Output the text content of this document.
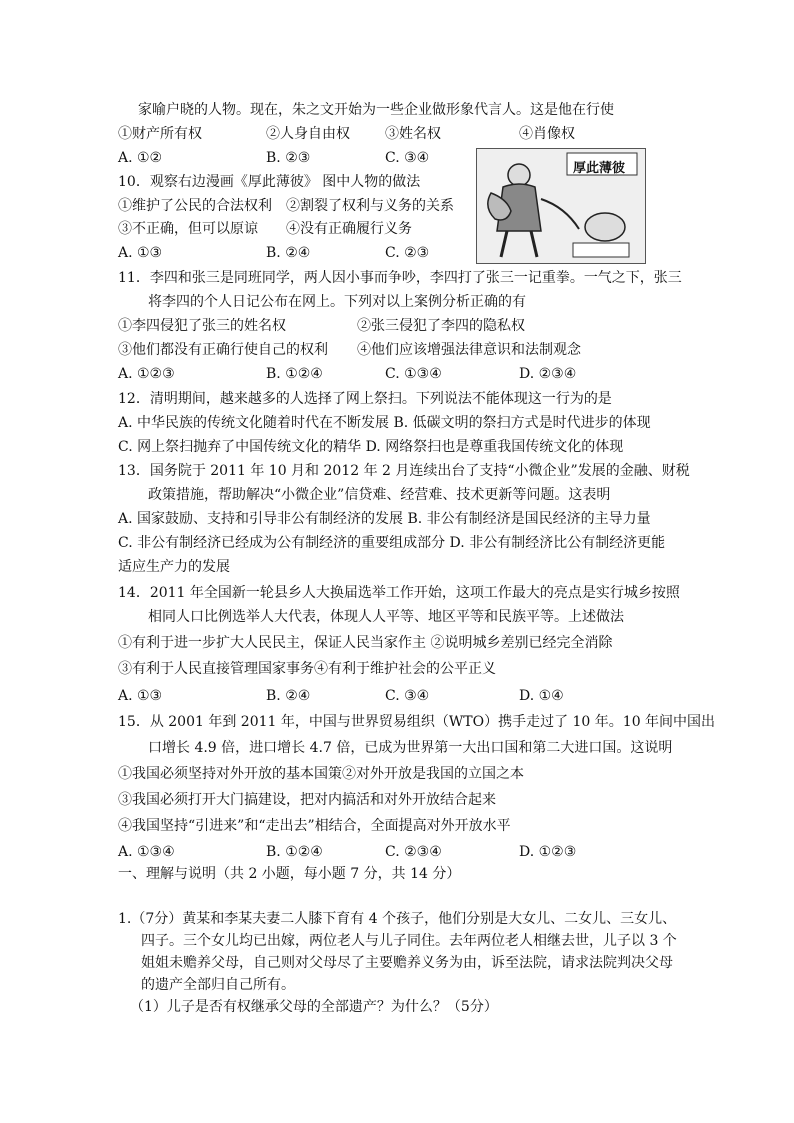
家喻户晓的人物。现在，朱之文开始为一些企业做形象代言人。这是他在行使
①财产所有权	②人身自由权	③姓名权	④肖像权
A. ①②	B. ②③	C. ③④
厚此薄彼
10．观察右边漫画《厚此薄彼》 图中人物的做法
①维护了公民的合法权利　②割裂了权利与义务的关系
③不正确，但可以原谅　　④没有正确履行义务
A. ①③	B. ②④	C. ②③
11．李四和张三是同班同学，两人因小事而争吵，李四打了张三一记重拳。一气之下，张三
将李四的个人日记公布在网上。下列对以上案例分析正确的有
①李四侵犯了张三的姓名权	②张三侵犯了李四的隐私权
③他们都没有正确行使自己的权利 ④他们应该增强法律意识和法制观念
A. ①②③	B. ①②④	C. ①③④	D. ②③④
12．清明期间，越来越多的人选择了网上祭扫。下列说法不能体现这一行为的是
A. 中华民族的传统文化随着时代在不断发展 B. 低碳文明的祭扫方式是时代进步的体现
C. 网上祭扫抛弃了中国传统文化的精华 D. 网络祭扫也是尊重我国传统文化的体现
13．国务院于 2011 年 10 月和 2012 年 2 月连续出台了支持“小微企业”发展的金融、财税
政策措施，帮助解决“小微企业”信贷难、经营难、技术更新等问题。这表明
A. 国家鼓励、支持和引导非公有制经济的发展 B. 非公有制经济是国民经济的主导力量
C. 非公有制经济已经成为公有制经济的重要组成部分 D. 非公有制经济比公有制经济更能
适应生产力的发展
14．2011 年全国新一轮县乡人大换届选举工作开始，这项工作最大的亮点是实行城乡按照
相同人口比例选举人大代表，体现人人平等、地区平等和民族平等。上述做法
①有利于进一步扩大人民民主，保证人民当家作主 ②说明城乡差别已经完全消除
③有利于人民直接管理国家事务④有利于维护社会的公平正义
A. ①③	B. ②④	C. ③④	D. ①④
15．从 2001 年到 2011 年，中国与世界贸易组织（WTO）携手走过了 10 年。10 年间中国出
口增长 4.9 倍，进口增长 4.7 倍，已成为世界第一大出口国和第二大进口国。这说明
①我国必须坚持对外开放的基本国策②对外开放是我国的立国之本
③我国必须打开大门搞建设，把对内搞活和对外开放结合起来
④我国坚持“引进来”和“走出去”相结合，全面提高对外开放水平
A. ①③④	B. ①②④	C. ②③④	D. ①②③
一、理解与说明（共 2 小题，每小题 7 分，共 14 分）
1.（7分）黄某和李某夫妻二人膝下育有 4 个孩子，他们分别是大女儿、二女儿、三女儿、
四子。三个女儿均已出嫁，两位老人与儿子同住。去年两位老人相继去世，儿子以 3 个
姐姐未赡养父母，自己则对父母尽了主要赡养义务为由，诉至法院，请求法院判决父母
的遗产全部归自己所有。
（1）儿子是否有权继承父母的全部遗产？为什么？（5分）
